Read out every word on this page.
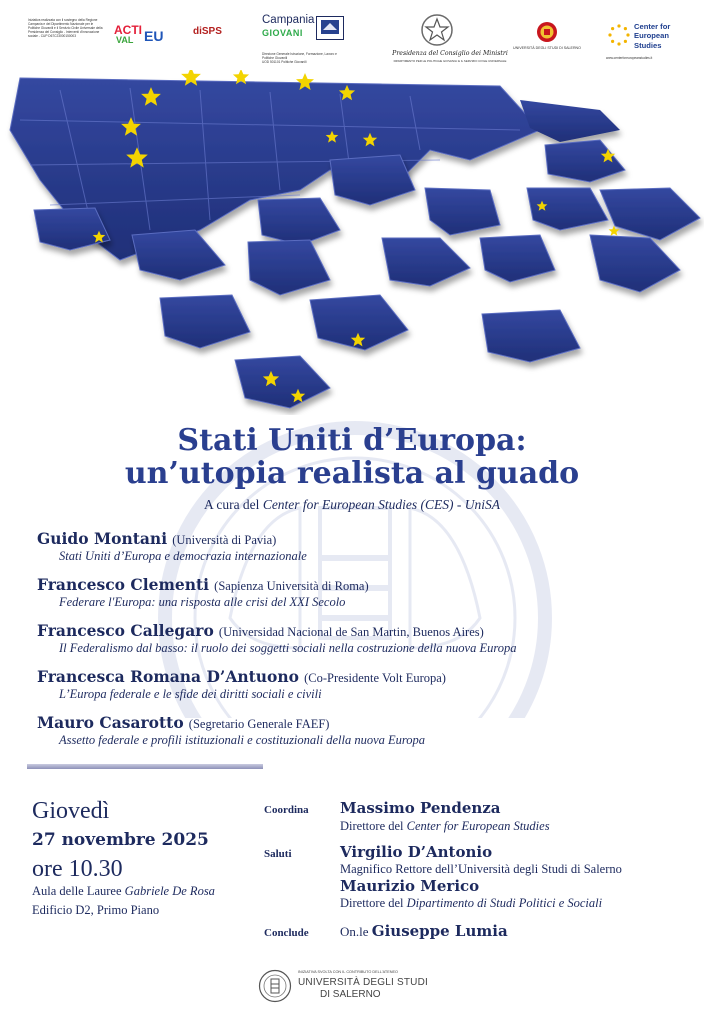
Iniziativa realizzata con il sostegno della Regione Campania e del Dipartimento Nazionale per le Politiche Giovanili e il Servizio Civile Universale della Presidenza del Consiglio - Interventi d'innovazione sociale - CUP D67C23000150003	ACTI
VAL EU	diSPS
Campania
GIOVANI
Direzione Generale Istruzione, Formazione, Lavoro e Politiche Giovanili
UOD 501101 Politiche Giovanili
Presidenza del Consiglio dei Ministri
DIPARTIMENTO PER LE POLITICHE GIOVANILI E IL SERVIZIO CIVILE UNIVERSALE
UNIVERSITÀ DEGLI STUDI DI SALERNO
Center for
European
Studies
www.centerforeuropeanstudies.it
Stati Uniti d’Europa:
un’utopia realista al guado
A cura del Center for European Studies (CES) - UniSA
Guido Montani (Università di Pavia)
Stati Uniti d’Europa e democrazia internazionale
Francesco Clementi (Sapienza Università di Roma)
Federare l'Europa: una risposta alle crisi del XXI Secolo
Francesco Callegaro (Universidad Nacional de San Martin, Buenos Aires)
Il Federalismo dal basso: il ruolo dei soggetti sociali nella costruzione della nuova Europa
Francesca Romana D’Antuono (Co-Presidente Volt Europa)
L’Europa federale e le sfide dei diritti sociali e civili
Mauro Casarotto (Segretario Generale FAEF)
Assetto federale e profili istituzionali e costituzionali della nuova Europa
Giovedì
27 novembre 2025
ore 10.30
Aula delle Lauree Gabriele De Rosa
Edificio D2, Primo Piano
Coordina Massimo Pendenza
Direttore del Center for European Studies
Saluti	Virgilio D’Antonio
Magnifico Rettore dell’Università degli Studi di Salerno
Maurizio Merico
Direttore del Dipartimento di Studi Politici e Sociali
Conclude On.le Giuseppe Lumia
INIZIATIVA SVOLTA CON IL CONTRIBUTO DELL'ATENEO
UNIVERSITÀ DEGLI STUDI
DI SALERNO
